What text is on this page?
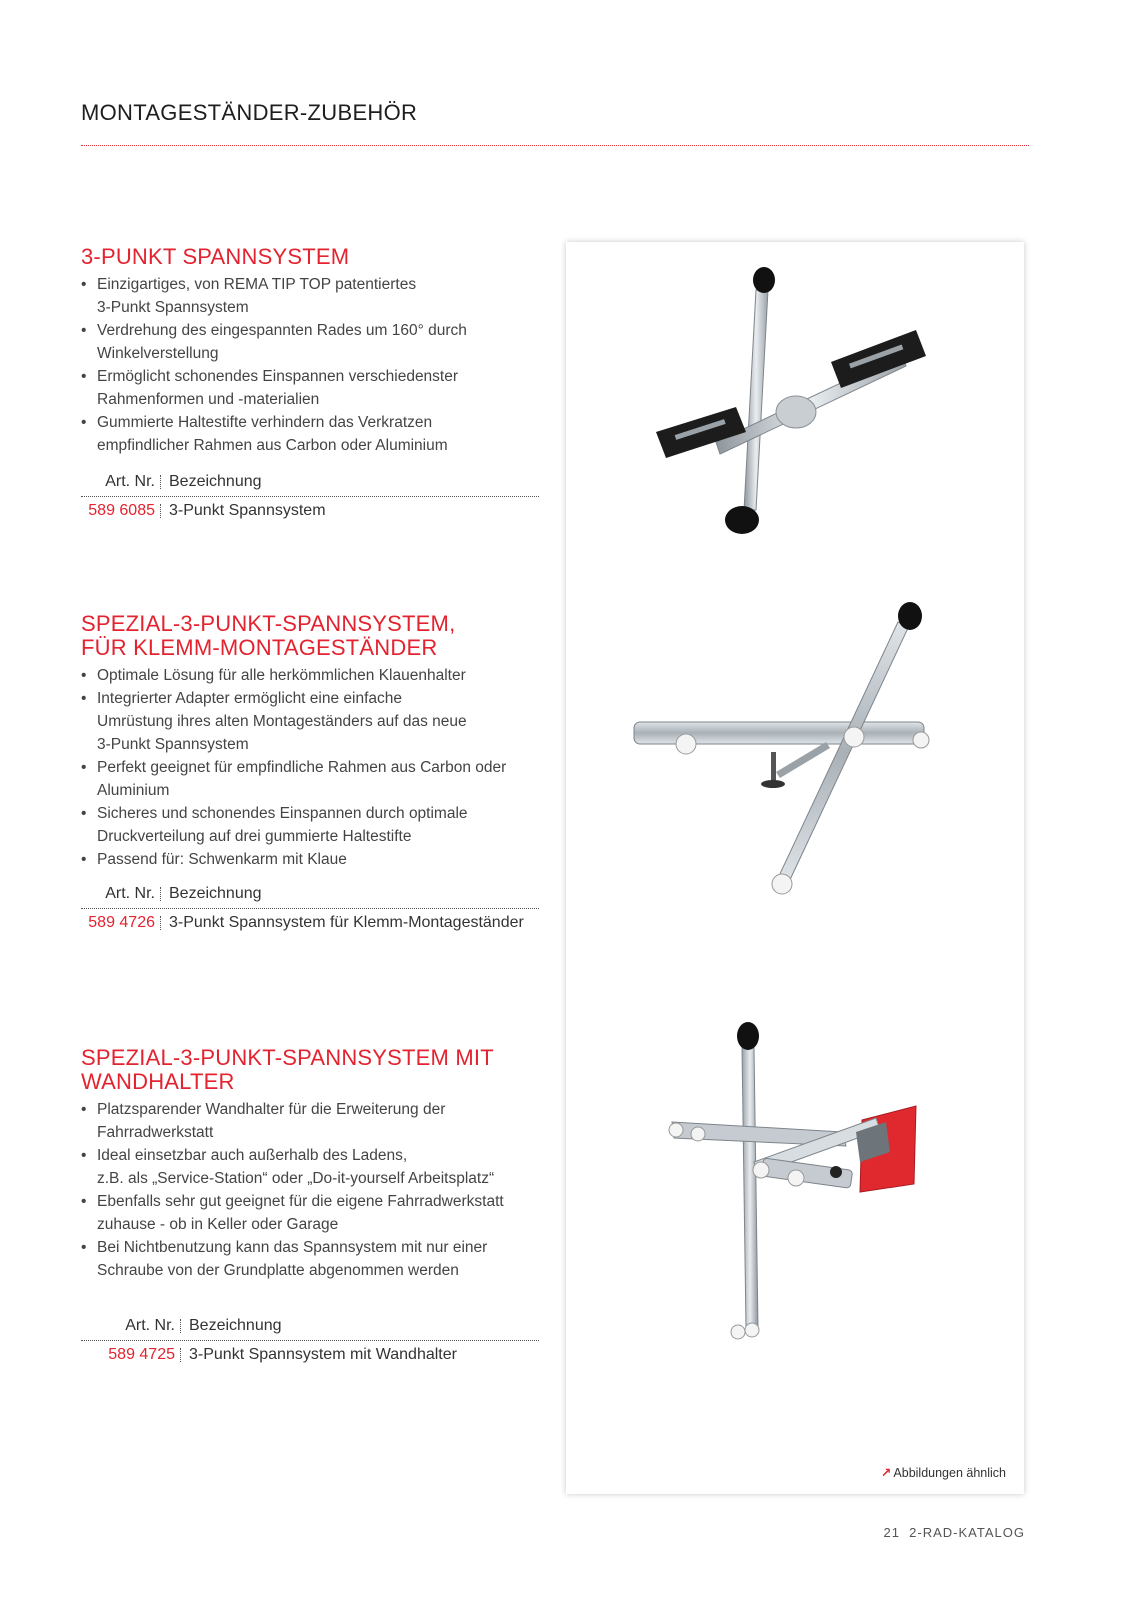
MONTAGESTÄNDER-ZUBEHÖR
3-PUNKT SPANNSYSTEM
• Einzigartiges, von REMA TIP TOP patentiertes
3-Punkt Spannsystem
• Verdrehung des eingespannten Rades um 160° durch
Winkelverstellung
• Ermöglicht schonendes Einspannen verschiedenster
Rahmenformen und -materialien
• Gummierte Haltestifte verhindern das Verkratzen
empfindlicher Rahmen aus Carbon oder Aluminium
Art. Nr. Bezeichnung
589 6085 3-Punkt Spannsystem
SPEZIAL-3-PUNKT-SPANNSYSTEM,
FÜR KLEMM-MONTAGESTÄNDER
• Optimale Lösung für alle herkömmlichen Klauenhalter
• Integrierter Adapter ermöglicht eine einfache
Umrüstung ihres alten Montageständers auf das neue
3-Punkt Spannsystem
• Perfekt geeignet für empfindliche Rahmen aus Carbon oder
Aluminium
• Sicheres und schonendes Einspannen durch optimale
Druckverteilung auf drei gummierte Haltestifte
• Passend für: Schwenkarm mit Klaue
Art. Nr. Bezeichnung
589 4726 3-Punkt Spannsystem für Klemm-Montageständer
SPEZIAL-3-PUNKT-SPANNSYSTEM MIT
WANDHALTER
• Platzsparender Wandhalter für die Erweiterung der
Fahrradwerkstatt
• Ideal einsetzbar auch außerhalb des Ladens,
z.B. als „Service-Station“ oder „Do-it-yourself Arbeitsplatz“
• Ebenfalls sehr gut geeignet für die eigene Fahrradwerkstatt
zuhause - ob in Keller oder Garage
• Bei Nichtbenutzung kann das Spannsystem mit nur einer
Schraube von der Grundplatte abgenommen werden
Art. Nr. Bezeichnung
589 4725 3-Punkt Spannsystem mit Wandhalter
↗ Abbildungen ähnlich
21 2-RAD-KATALOG
